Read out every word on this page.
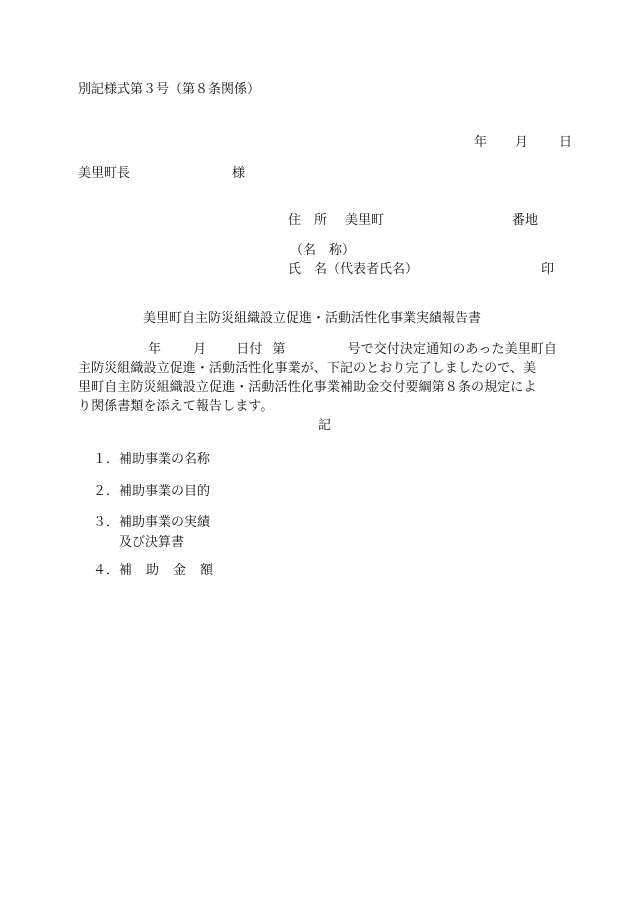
別記様式第３号（第８条関係）
年 月 日
美里町長	様
住　所 美里町	番地
（名　称）
氏　名（代表者氏名）	印
美里町自主防災組織設立促進・活動活性化事業実績報告書
年 月 日付 第	号で交付決定通知のあった美里町自
主防災組織設立促進・活動活性化事業が、下記のとおり完了しましたので、美
里町自主防災組織設立促進・活動活性化事業補助金交付要綱第８条の規定によ
り関係書類を添えて報告します。
記
１．補助事業の名称
２．補助事業の目的
３．補助事業の実績
及び決算書
４．補助金額
